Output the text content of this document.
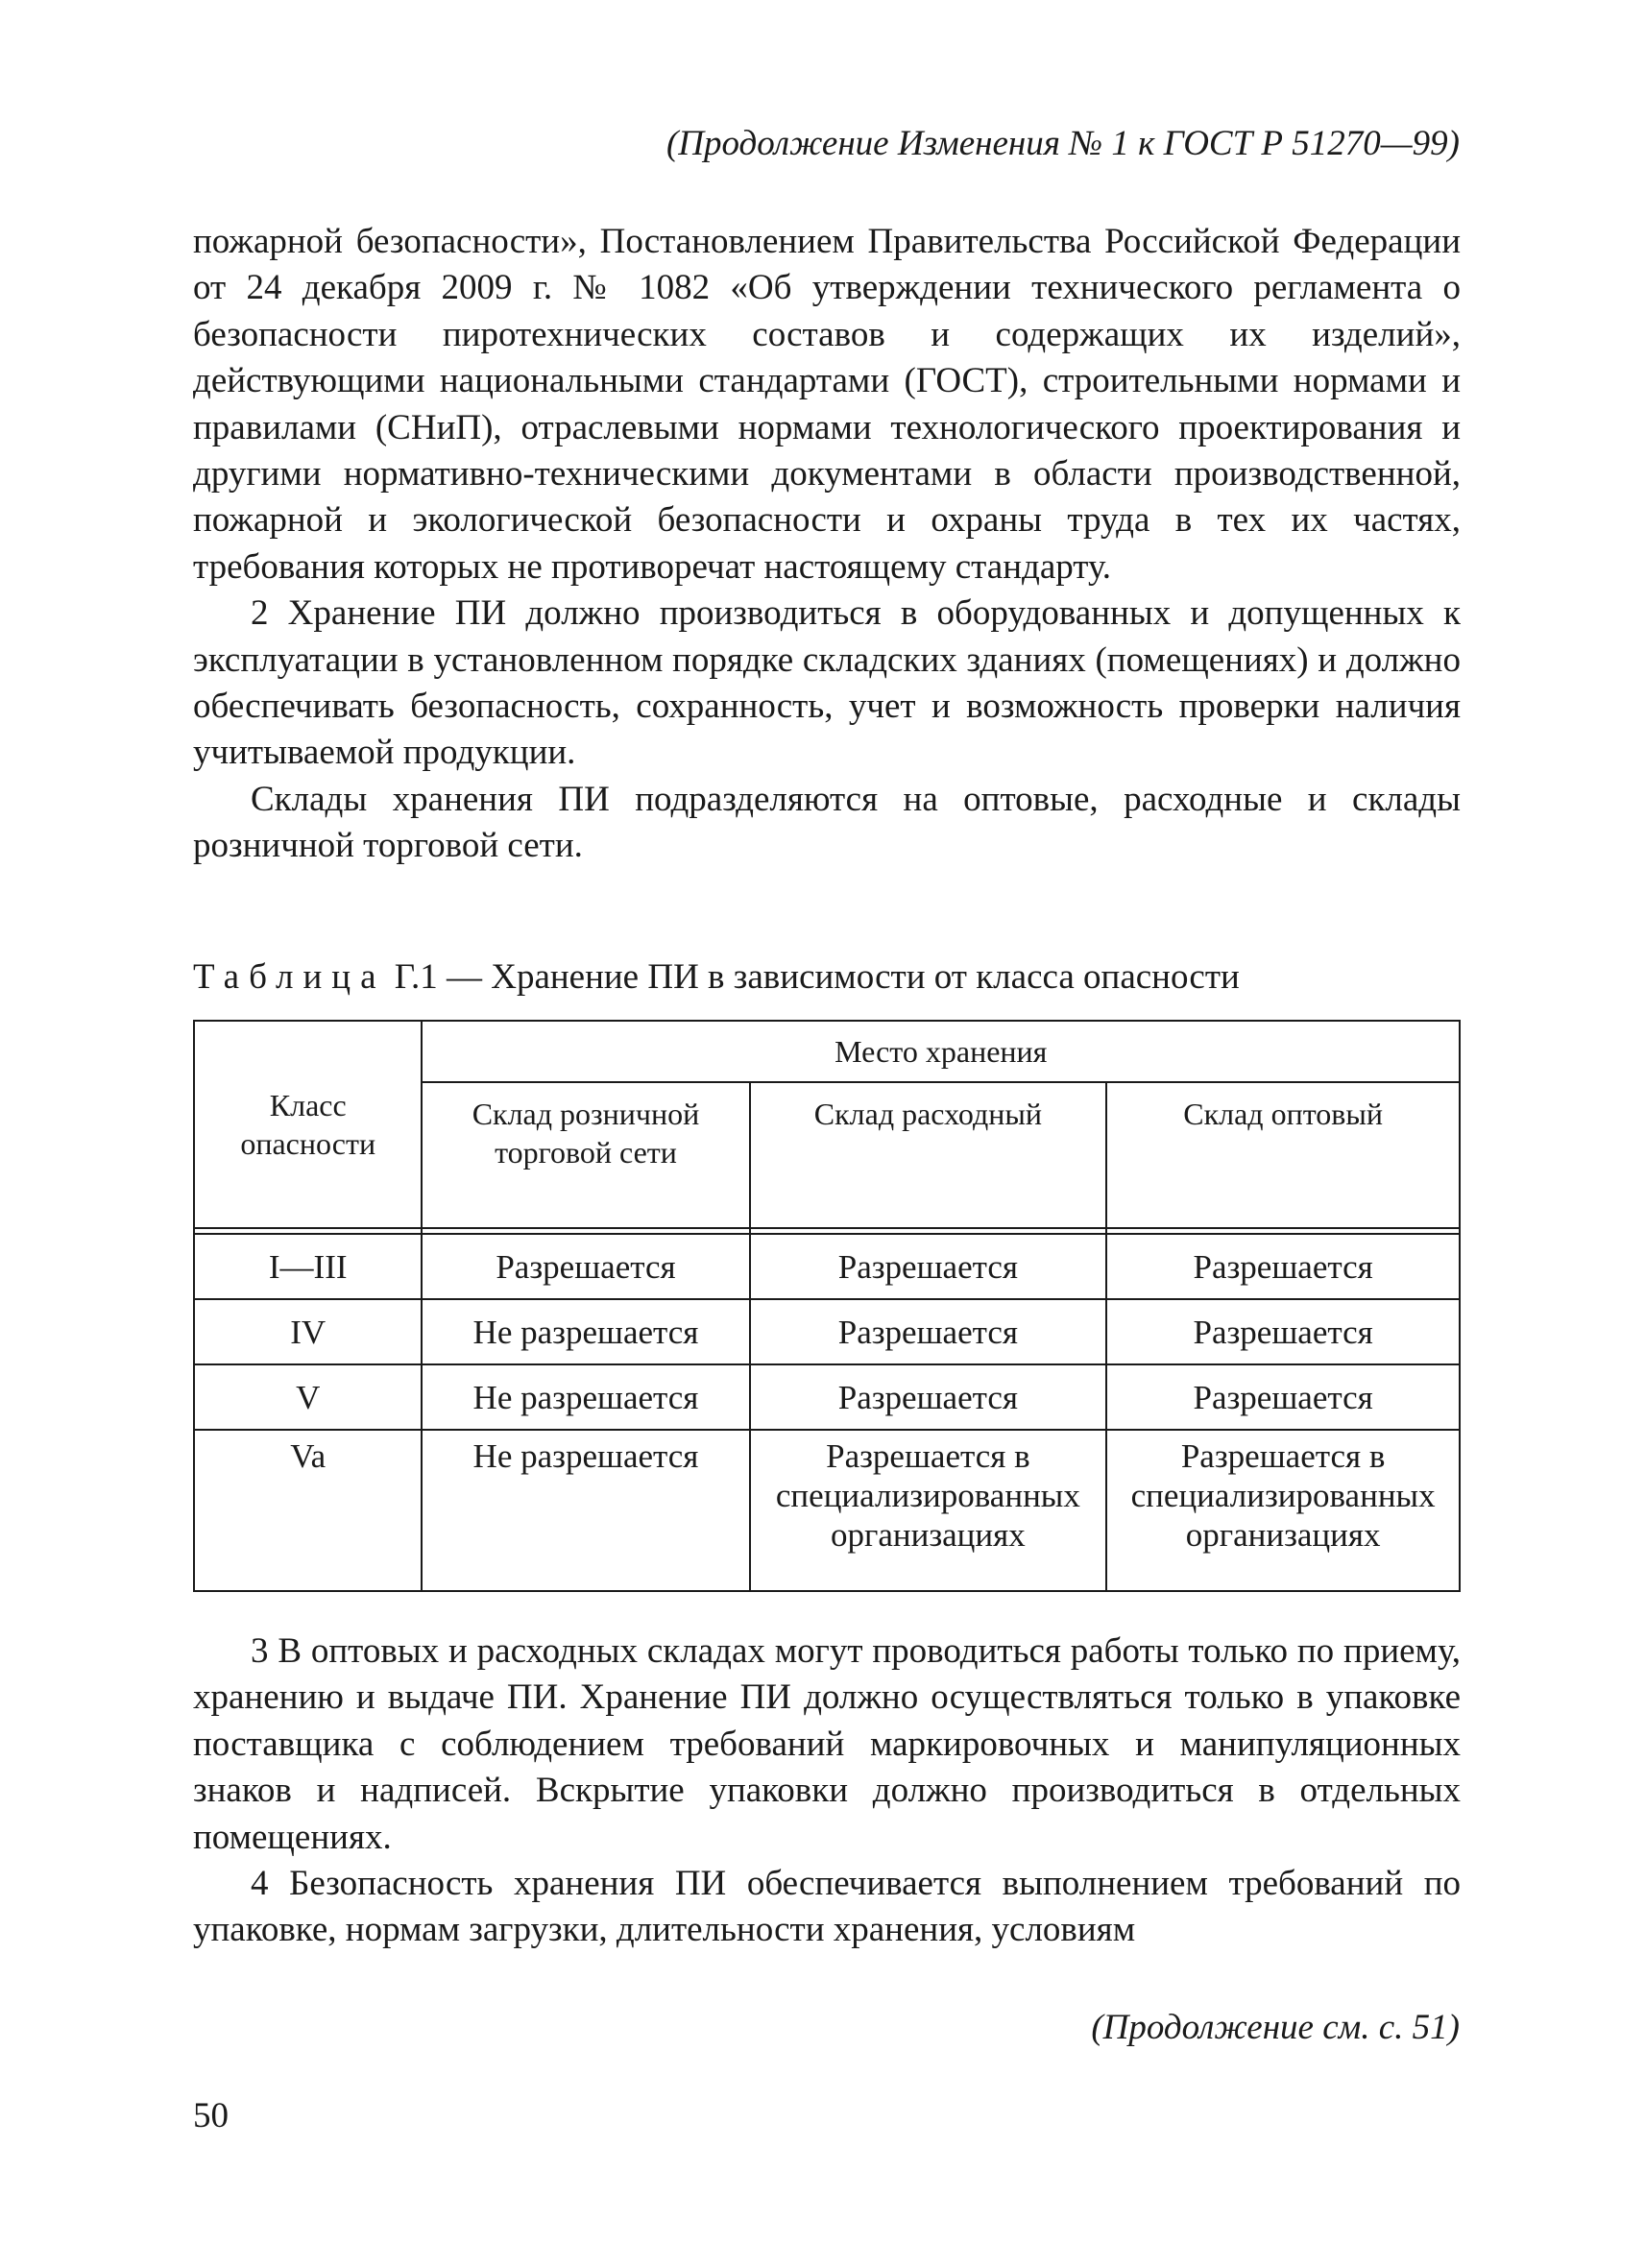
(Продолжение Изменения № 1 к ГОСТ Р 51270—99)

пожарной безопасности», Постановлением Правительства Российской Федерации от 24 декабря 2009 г. № 1082 «Об утверждении технического регламента о безопасности пиротехнических составов и содержащих их изделий», действующими национальными стандартами (ГОСТ), строительными нормами и правилами (СНиП), отраслевыми нормами технологического проектирования и другими нормативно-техническими документами в области производственной, пожарной и экологической безопасности и охраны труда в тех их частях, требования которых не противоречат настоящему стандарту.

2 Хранение ПИ должно производиться в оборудованных и допущенных к эксплуатации в установленном порядке складских зданиях (помещениях) и должно обеспечивать безопасность, сохранность, учет и возможность проверки наличия учитываемой продукции.

Склады хранения ПИ подразделяются на оптовые, расходные и склады розничной торговой сети.

Таблица Г.1 — Хранение ПИ в зависимости от класса опасности
Класс опасности	Место хранения		
	Склад розничной торговой сети	Склад расходный	Склад оптовый

I—III	Разрешается	Разрешается	Разрешается
IV	Не разрешается	Разрешается	Разрешается
V	Не разрешается	Разрешается	Разрешается
Va	Не разрешается	Разрешается в специализированных организациях	Разрешается в специализированных организациях

3 В оптовых и расходных складах могут проводиться работы только по приему, хранению и выдаче ПИ. Хранение ПИ должно осуществляться только в упаковке поставщика с соблюдением требований маркировочных и манипуляционных знаков и надписей. Вскрытие упаковки должно производиться в отдельных помещениях.

4 Безопасность хранения ПИ обеспечивается выполнением требований по упаковке, нормам загрузки, длительности хранения, условиям

(Продолжение см. с. 51)
50
